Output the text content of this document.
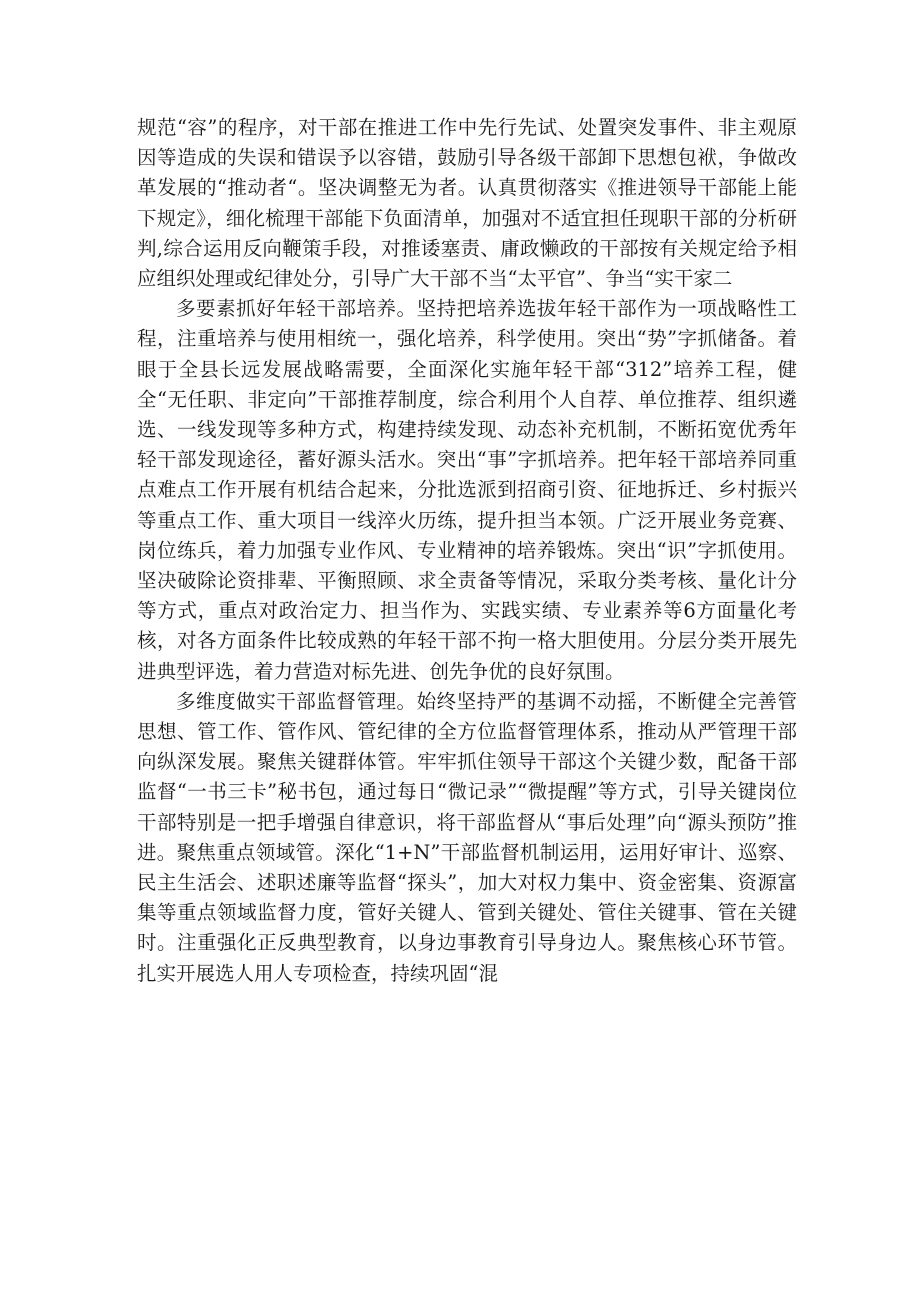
规范“容”的程序，对干部在推进工作中先行先试、处置突发事件、非主观原因等造成的失误和错误予以容错，鼓励引导各级干部卸下思想包袱，争做改革发展的“推动者“。坚决调整无为者。认真贯彻落实《推进领导干部能上能下规定》，细化梳理干部能下负面清单，加强对不适宜担任现职干部的分析研判,综合运用反向鞭策手段，对推诿塞责、庸政懒政的干部按有关规定给予相应组织处理或纪律处分，引导广大干部不当“太平官”、争当“实干家二

多要素抓好年轻干部培养。坚持把培养选拔年轻干部作为一项战略性工程，注重培养与使用相统一，强化培养，科学使用。突出“势”字抓储备。着眼于全县长远发展战略需要，全面深化实施年轻干部“312”培养工程，健全“无任职、非定向”干部推荐制度，综合利用个人自荐、单位推荐、组织遴选、一线发现等多种方式，构建持续发现、动态补充机制，不断拓宽优秀年轻干部发现途径，蓄好源头活水。突出“事”字抓培养。把年轻干部培养同重点难点工作开展有机结合起来，分批选派到招商引资、征地拆迁、乡村振兴等重点工作、重大项目一线淬火历练，提升担当本领。广泛开展业务竞赛、岗位练兵，着力加强专业作风、专业精神的培养锻炼。突出“识”字抓使用。坚决破除论资排辈、平衡照顾、求全责备等情况，采取分类考核、量化计分等方式，重点对政治定力、担当作为、实践实绩、专业素养等6方面量化考核，对各方面条件比较成熟的年轻干部不拘一格大胆使用。分层分类开展先进典型评选，着力营造对标先进、创先争优的良好氛围。

多维度做实干部监督管理。始终坚持严的基调不动摇，不断健全完善管思想、管工作、管作风、管纪律的全方位监督管理体系，推动从严管理干部向纵深发展。聚焦关键群体管。牢牢抓住领导干部这个关键少数，配备干部监督“一书三卡”秘书包，通过每日“微记录”“微提醒”等方式，引导关键岗位干部特别是一把手增强自律意识，将干部监督从“事后处理”向“源头预防”推进。聚焦重点领域管。深化“1+N”干部监督机制运用，运用好审计、巡察、民主生活会、述职述廉等监督“探头”，加大对权力集中、资金密集、资源富集等重点领域监督力度，管好关键人、管到关键处、管住关键事、管在关键时。注重强化正反典型教育，以身边事教育引导身边人。聚焦核心环节管。扎实开展选人用人专项检查，持续巩固“混
